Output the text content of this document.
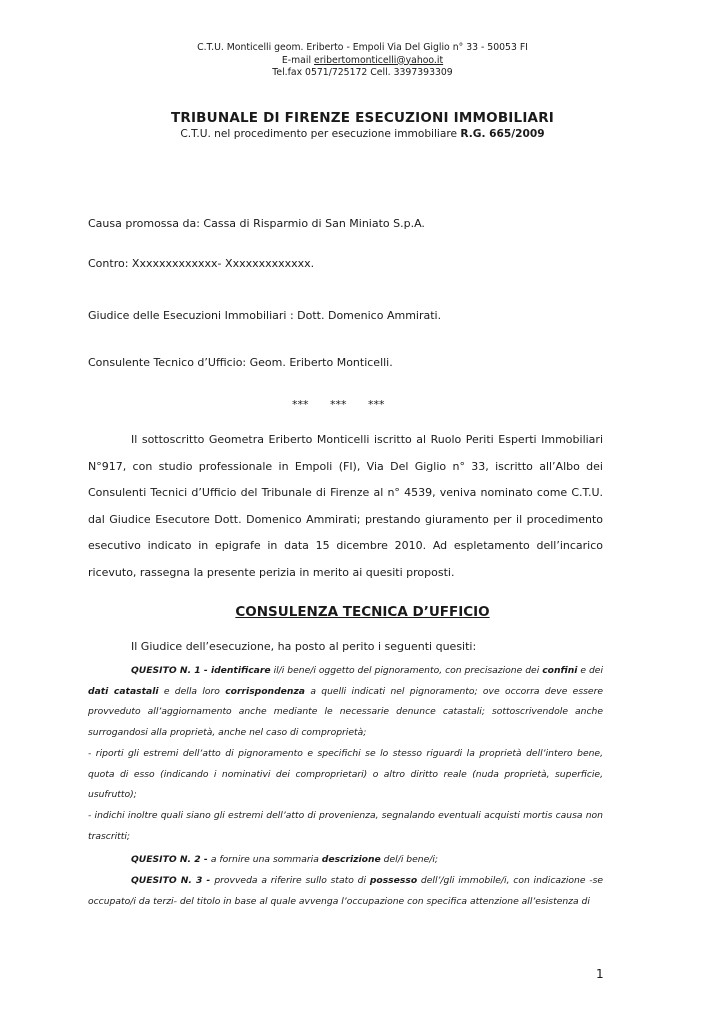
C.T.U. Monticelli geom. Eriberto - Empoli Via Del Giglio n° 33 - 50053 FI
E-mail eribertomonticelli@yahoo.it
Tel.fax 0571/725172 Cell. 3397393309
TRIBUNALE DI FIRENZE ESECUZIONI IMMOBILIARI
C.T.U. nel procedimento per esecuzione immobiliare R.G. 665/2009
Causa promossa da: Cassa di Risparmio di San Miniato S.p.A.
Contro: Xxxxxxxxxxxxx- Xxxxxxxxxxxxx.
Giudice delle Esecuzioni Immobiliari : Dott. Domenico Ammirati.
Consulente Tecnico d’Ufficio: Geom. Eriberto Monticelli.
*** *** ***
Il sottoscritto Geometra Eriberto Monticelli iscritto al Ruolo Periti Esperti Immobiliari N°917, con studio professionale in Empoli (FI), Via Del Giglio n° 33, iscritto all’Albo dei Consulenti Tecnici d’Ufficio del Tribunale di Firenze al n° 4539, veniva nominato come C.T.U. dal Giudice Esecutore Dott. Domenico Ammirati; prestando giuramento per il procedimento esecutivo indicato in epigrafe in data 15 dicembre 2010. Ad espletamento dell’incarico ricevuto, rassegna la presente perizia in merito ai quesiti proposti.
CONSULENZA TECNICA D’UFFICIO
Il Giudice dell’esecuzione, ha posto al perito i seguenti quesiti:
QUESITO N. 1 - identificare il/i bene/i oggetto del pignoramento, con precisazione dei confini e dei dati catastali e della loro corrispondenza a quelli indicati nel pignoramento; ove occorra deve essere provveduto all’aggiornamento anche mediante le necessarie denunce catastali; sottoscrivendole anche surrogandosi alla proprietà, anche nel caso di comproprietà;
- riporti gli estremi dell’atto di pignoramento e specifichi se lo stesso riguardi la proprietà dell’intero bene, quota di esso (indicando i nominativi dei comproprietari) o altro diritto reale (nuda proprietà, superficie, usufrutto);
- indichi inoltre quali siano gli estremi dell’atto di provenienza, segnalando eventuali acquisti mortis causa non trascritti;
QUESITO N. 2 - a fornire una sommaria descrizione del/i bene/i;
QUESITO N. 3 - provveda a riferire sullo stato di possesso dell’/gli immobile/i, con indicazione -se occupato/i da terzi- del titolo in base al quale avvenga l’occupazione con specifica attenzione all’esistenza di
1
